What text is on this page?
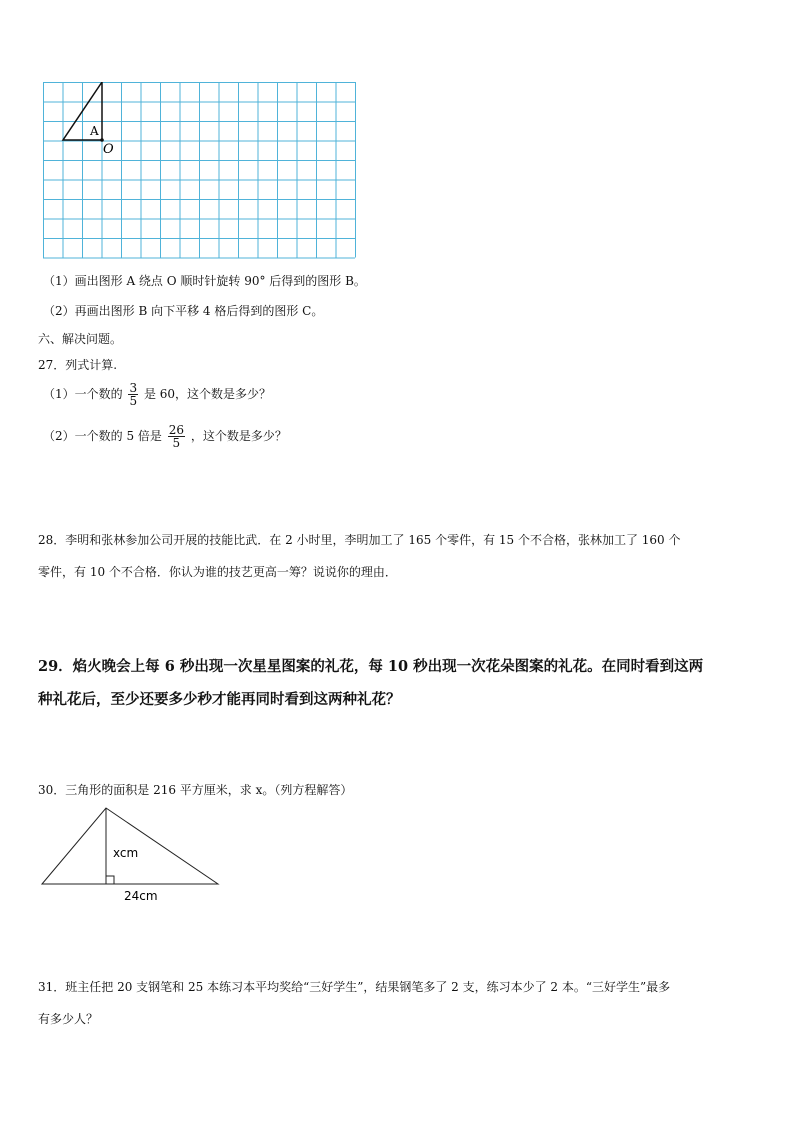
A
O
（1）画出图形 A 绕点 O 顺时针旋转 90° 后得到的图形 B。
（2）再画出图形 B 向下平移 4 格后得到的图形 C。
六、解决问题。
27．列式计算.
（1）一个数的 $\frac{3}{5}$ 是 60，这个数是多少？
（2）一个数的 5 倍是 $\frac{26}{5}$ ，这个数是多少？
28．李明和张林参加公司开展的技能比武．在 2 小时里，李明加工了 165 个零件，有 15 个不合格，张林加工了 160 个
零件，有 10 个不合格．你认为谁的技艺更高一筹？说说你的理由．
29．焰火晚会上每 6 秒出现一次星星图案的礼花，每 10 秒出现一次花朵图案的礼花。在同时看到这两
种礼花后，至少还要多少秒才能再同时看到这两种礼花？
30．三角形的面积是 216 平方厘米，求 x。（列方程解答）
xcm
24cm
31．班主任把 20 支钢笔和 25 本练习本平均奖给“三好学生”，结果钢笔多了 2 支，练习本少了 2 本。“三好学生”最多
有多少人？
